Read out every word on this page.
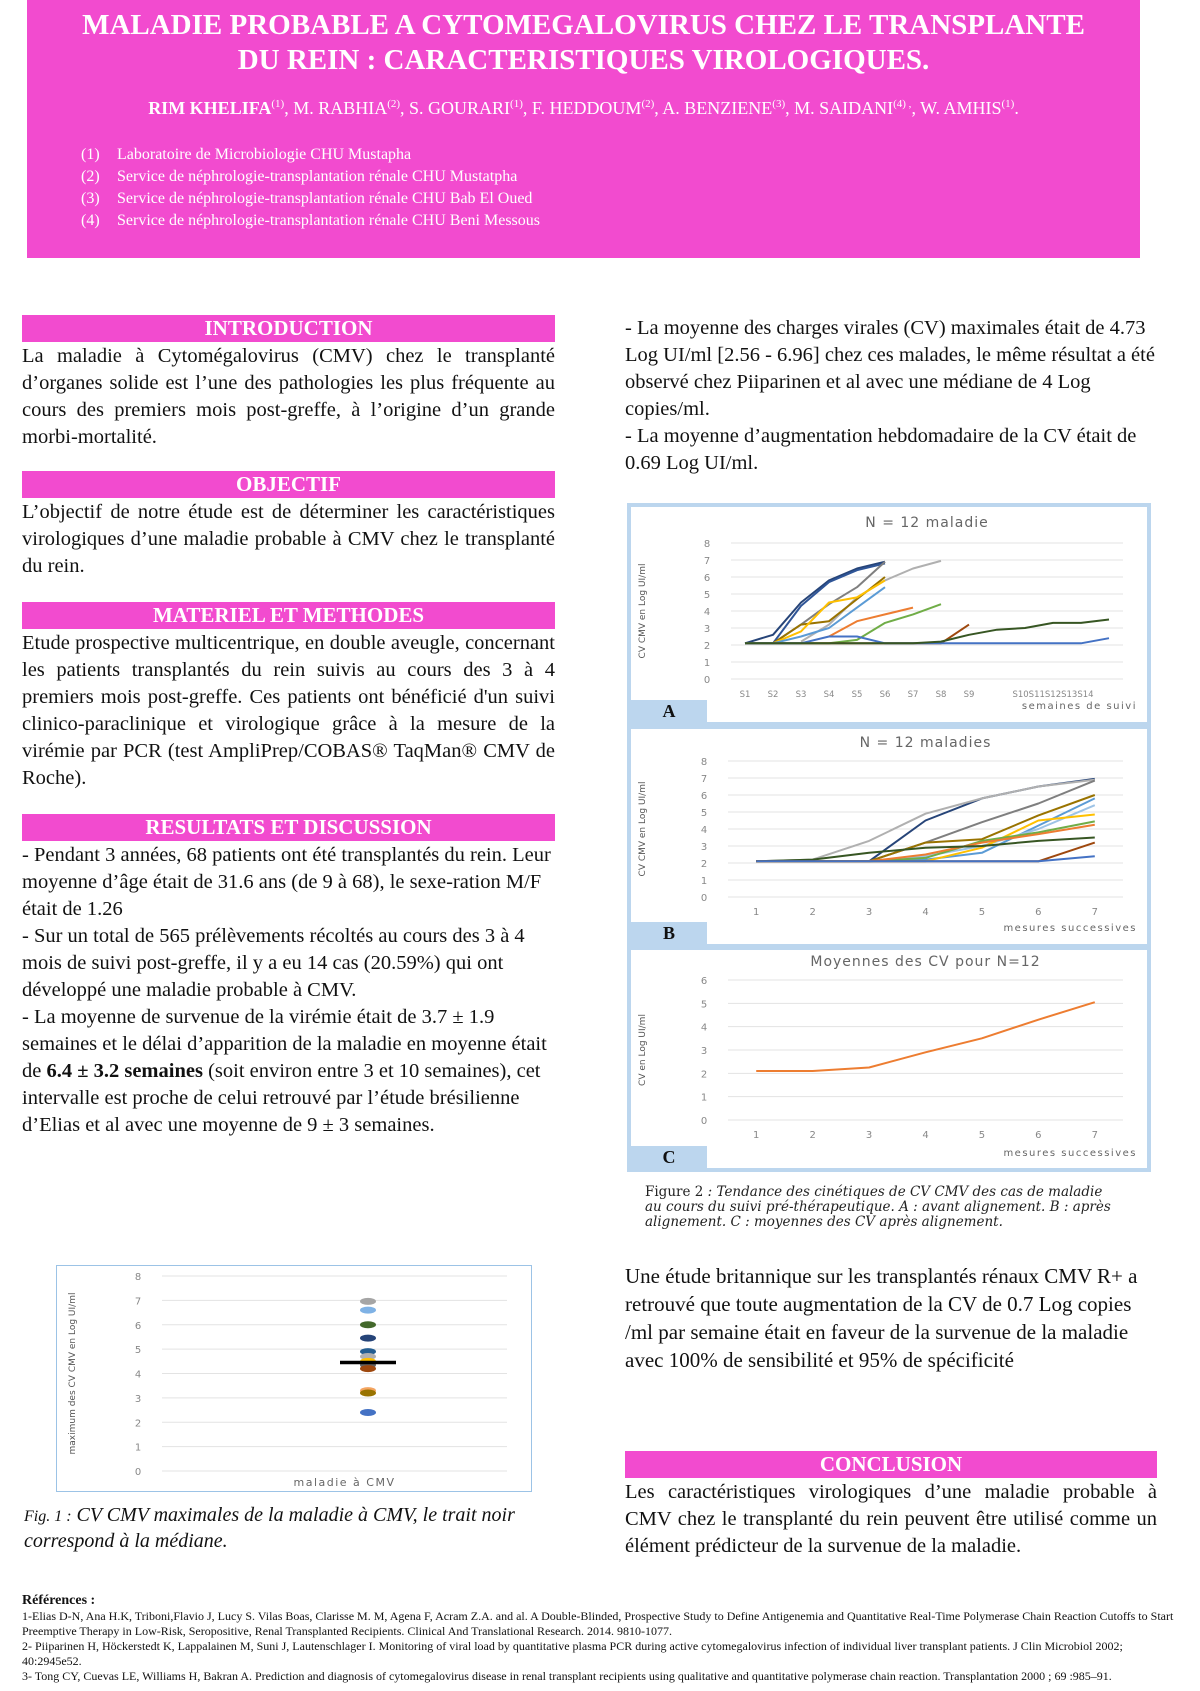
MALADIE PROBABLE A CYTOMEGALOVIRUS CHEZ LE TRANSPLANTE
DU REIN : CARACTERISTIQUES VIROLOGIQUES.
RIM KHELIFA$^{(1)}$, M. RABHIA$^{(2)}$, S. GOURARI$^{(1)}$, F. HEDDOUM$^{(2)}$, A. BENZIENE$^{(3)}$, M. $SAIDANI^{(4) ,}$, W. AMHIS$^{(1)}$.
(1) Laboratoire de Microbiologie CHU Mustapha
(2) Service de néphrologie-transplantation rénale CHU Mustatpha
(3) Service de néphrologie-transplantation rénale CHU Bab El Oued
(4) Service de néphrologie-transplantation rénale CHU Beni Messous
INTRODUCTION
La maladie à Cytomégalovirus (CMV) chez le transplanté d’organes solide est l’une des pathologies les plus fréquente au cours des premiers mois post-greffe, à l’origine d’un grande morbi-mortalité.
OBJECTIF
L’objectif de notre étude est de déterminer les caractéristiques virologiques d’une maladie probable à CMV chez le transplanté du rein.
MATERIEL ET METHODES
Etude prospective multicentrique, en double aveugle, concernant les patients transplantés du rein suivis au cours des 3 à 4 premiers mois post-greffe. Ces patients ont bénéficié d'un suivi clinico-paraclinique et virologique grâce à la mesure de la virémie par PCR (test AmpliPrep/COBAS® TaqMan® CMV de Roche).
RESULTATS ET DISCUSSION
- Pendant 3 années, 68 patients ont été transplantés du rein. Leur moyenne d’âge était de 31.6 ans (de 9 à 68), le sexe-ration M/F était de 1.26
- Sur un total de 565 prélèvements récoltés au cours des 3 à 4 mois de suivi post-greffe, il y a eu 14 cas (20.59%) qui ont développé une maladie probable à CMV.
- La moyenne de survenue de la virémie était de 3.7 ± 1.9 semaines et le délai d’apparition de la maladie en moyenne était de 6.4 ± 3.2 semaines (soit environ entre 3 et 10 semaines), cet intervalle est proche de celui retrouvé par l’étude brésilienne d’Elias et al avec une moyenne de 9 ± 3 semaines.
0
1
2
3
4
5
6
7
8
maximum des CV CMV en Log UI/ml
maladie à CMV
Fig. 1 : CV CMV maximales de la maladie à CMV, le trait noir correspond à la médiane.
- La moyenne des charges virales (CV) maximales était de 4.73 Log UI/ml [2.56 - 6.96] chez ces malades, le même résultat a été observé chez Piiparinen et al avec une médiane de 4 Log copies/ml.
- La moyenne d’augmentation hebdomadaire de la CV était de 0.69 Log UI/ml.
0
1
2
3
4
5
6
7
8
N = 12 maladie
CV CMV en Log UI/ml
semaines de suivi
S1 S2 S3 S4 S5 S6 S7 S8 S9	S10S11S12S13S14
A
0
1
2
3
4
5
6
7
8
N = 12 maladies
CV CMV en Log UI/ml
mesures successives
1	2	3	4	5	6	7
B
0
1
2
3
4
5
6
Moyennes des CV pour N=12
CV en Log UI/ml
mesures successives
1	2	3	4	5	6	7
C
Figure 2 : Tendance des cinétiques de CV CMV des cas de maladie au cours du suivi pré-thérapeutique. A : avant alignement. B : après alignement. C : moyennes des CV après alignement.
Une étude britannique sur les transplantés rénaux CMV R+ a retrouvé que toute augmentation de la CV de 0.7 Log copies /ml par semaine était en faveur de la survenue de la maladie avec 100% de sensibilité et 95% de spécificité
CONCLUSION
Les caractéristiques virologiques d’une maladie probable à CMV chez le transplanté du rein peuvent être utilisé comme un élément prédicteur de la survenue de la maladie.
Références :
1-Elias D-N, Ana H.K, Triboni,Flavio J, Lucy S. Vilas Boas, Clarisse M. M, Agena F, Acram Z.A. and al. A Double-Blinded, Prospective Study to Define Antigenemia and Quantitative Real-Time Polymerase Chain Reaction Cutoffs to Start Preemptive Therapy in Low-Risk, Seropositive, Renal Transplanted Recipients. Clinical And Translational Research. 2014. 9810-1077.
2- Piiparinen H, Höckerstedt K, Lappalainen M, Suni J, Lautenschlager I. Monitoring of viral load by quantitative plasma PCR during active cytomegalovirus infection of individual liver transplant patients. J Clin Microbiol 2002; 40:2945e52.
3- Tong CY, Cuevas LE, Williams H, Bakran A. Prediction and diagnosis of cytomegalovirus disease in renal transplant recipients using qualitative and quantitative polymerase chain reaction. Transplantation 2000 ; 69 :985–91.
